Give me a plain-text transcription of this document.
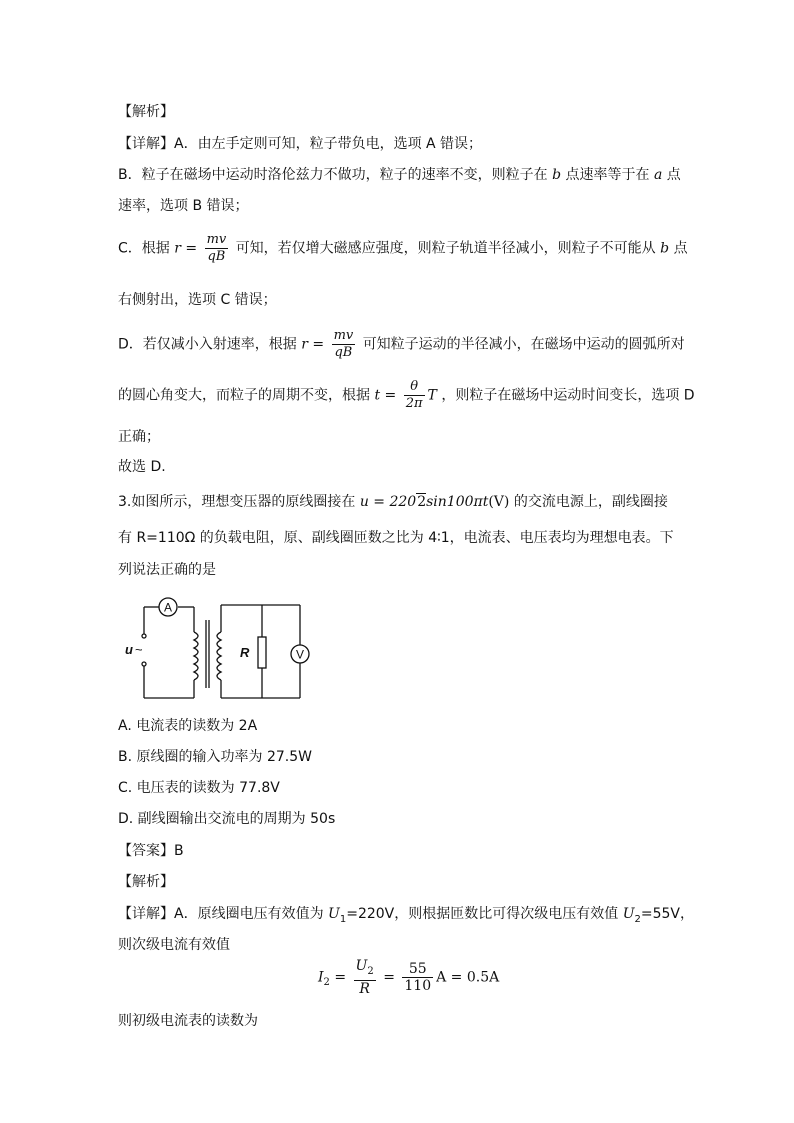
【解析】
【详解】A．由左手定则可知，粒子带负电，选项 A 错误；
B．粒子在磁场中运动时洛伦兹力不做功，粒子的速率不变，则粒子在 b 点速率等于在 a 点
速率，选项 B 错误；
C．根据 $r = \frac{mv}{qB}$ 可知，若仅增大磁感应强度，则粒子轨道半径减小，则粒子不可能从 b 点
右侧射出，选项 C 错误；
D．若仅减小入射速率，根据 $r = \frac{mv}{qB}$ 可知粒子运动的半径减小，在磁场中运动的圆弧所对
的圆心角变大，而粒子的周期不变，根据 $t = \frac{\theta}{2\pi}$ T ，则粒子在磁场中运动时间变长，选项 D
正确；
故选 D.
3.如图所示，理想变压器的原线圈接在 u = 2202sin100πt(V) 的交流电源上，副线圈接
有 R=110Ω 的负载电阻，原、副线圈匝数之比为 4∶1，电流表、电压表均为理想电表。下
列说法正确的是
A
V
u ~	R
A. 电流表的读数为 2A
B. 原线圈的输入功率为 27.5W
C. 电压表的读数为 77.8V
D. 副线圈输出交流电的周期为 50s
【答案】B
【解析】
【详解】A．原线圈电压有效值为 $U_1=220V$，则根据匝数比可得次级电压有效值 $U_2=55V$，
则次级电流有效值
$I_2 = \frac{U_2}{R} = \frac{55}{110}$ A = 0.5A
则初级电流表的读数为
